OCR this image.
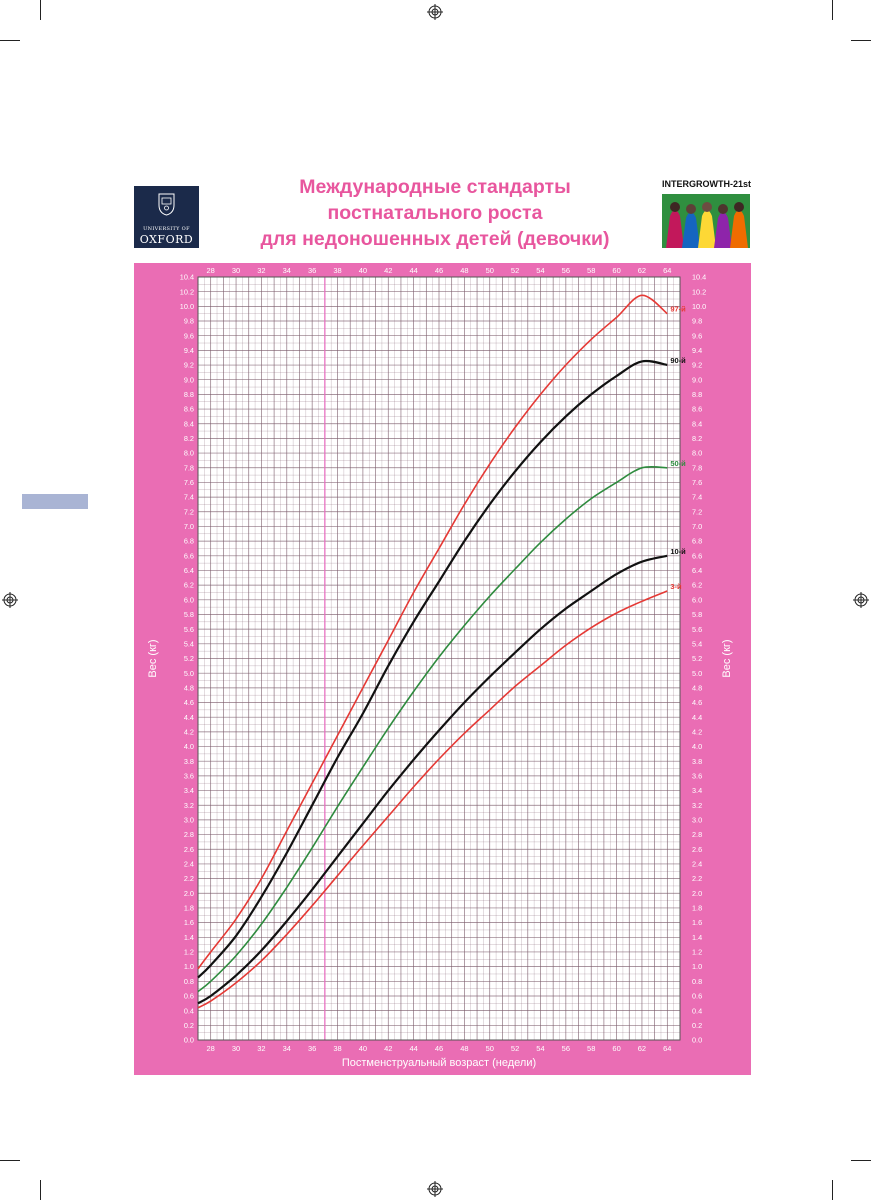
UNIVERSITY OF
OXFORD
Международные стандарты
постнатального роста
для недоношенных детей (девочки)
INTERGROWTH-21st
28
28
30
30
32
32
34
34
36
36
38
38
40
40
42
42
44
44
46
46
48
48
50
50
52
52
54
54
56
56
58
58
60
60
62
62
64
64
0.0	0.0
0.2	0.2
0.4	0.4
0.6	0.6
0.8	0.8
1.0	1.0
1.2	1.2
1.4	1.4
1.6	1.6
1.8	1.8
2.0	2.0
2.2	2.2
2.4	2.4
2.6	2.6
2.8	2.8
3.0	3.0
3.2	3.2
3.4	3.4
3.6	3.6
3.8	3.8
4.0	4.0
4.2	4.2
4.4	4.4
4.6	4.6
4.8	4.8
5.0	5.0
5.2	5.2
5.4	5.4
5.6	5.6
5.8	5.8
6.0	6.0
6.2	6.2
6.4	6.4
6.6	6.6
6.8	6.8
7.0	7.0
7.2	7.2
7.4	7.4
7.6	7.6
7.8	7.8
8.0	8.0
8.2	8.2
8.4	8.4
8.6	8.6
8.8	8.8
9.0	9.0
9.2	9.2
9.4	9.4
9.6	9.6
9.8	9.8
10.0	10.0
10.2	10.2
10.4	10.4
Постменструальный возраст (недели)
Вес (кг)	Вес (кг)
97-й
90-й
50-й
10-й
3-й
